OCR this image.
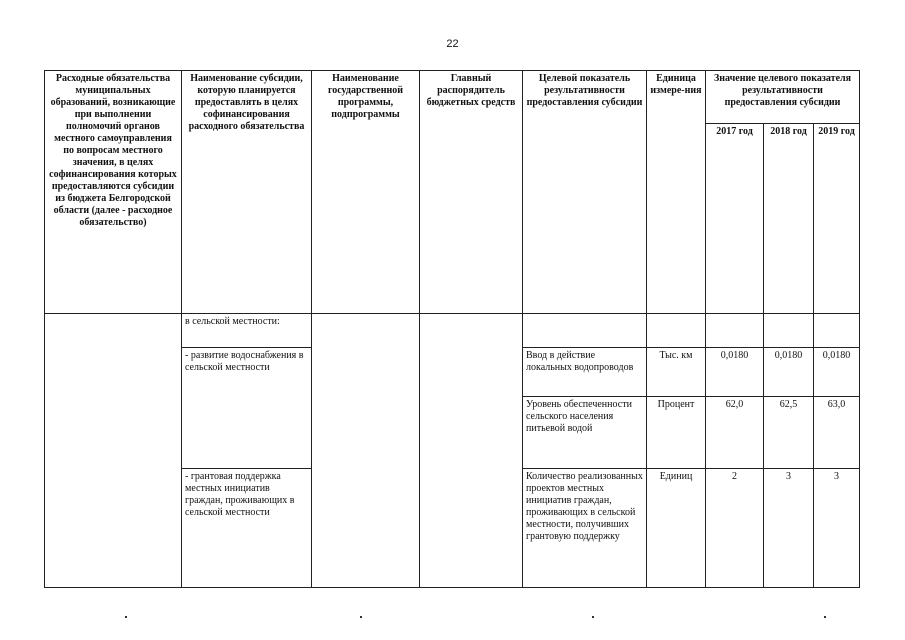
22
Расходные обязательства муниципальных образований, возникающие при выполнении полномочий органов местного самоуправления по вопросам местного значения, в целях софинансирования которых предоставляются субсидии из бюджета Белгородской области (далее - расходное обязательство)	Наименование субсидии, которую планируется предоставлять в целях софинансирования расходного обязательства	Наименование государственной программы, подпрограммы	Главный распорядитель бюджетных средств	Целевой показатель результативности предоставления субсидии	Единица измере-ния	Значение целевого показателя результативности предоставления субсидии		
						2017 год	2018 год	2019 год
	в сельской местности:							
	- развитие водоснабжения в сельской местности			Ввод в действие локальных водопроводов	Тыс. км	0,0180	0,0180	0,0180
				Уровень обеспеченности сельского населения питьевой водой	Процент	62,0	62,5	63,0
	- грантовая поддержка местных инициатив граждан, проживающих в сельской местности			Количество реализованных проектов местных инициатив граждан, проживающих в сельской местности, получивших грантовую поддержку	Единиц	2	3	3
